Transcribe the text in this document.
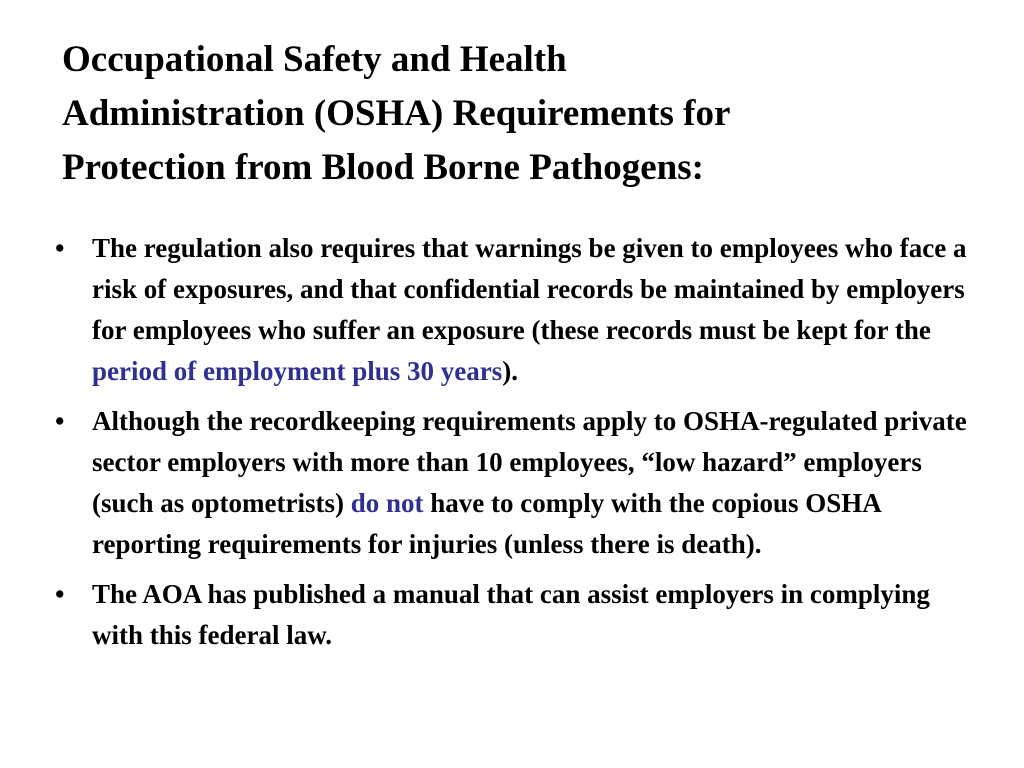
Occupational Safety and Health
Administration (OSHA) Requirements for
Protection from Blood Borne Pathogens:
•	The regulation also requires that warnings be given to employees who face a risk of exposures, and that confidential records be maintained by employers for employees who suffer an exposure (these records must be kept for the period of employment plus 30 years).
•	Although the recordkeeping requirements apply to OSHA-regulated private sector employers with more than 10 employees, “low hazard” employers (such as optometrists) do not have to comply with the copious OSHA reporting requirements for injuries (unless there is death).
•	The AOA has published a manual that can assist employers in complying with this federal law.
